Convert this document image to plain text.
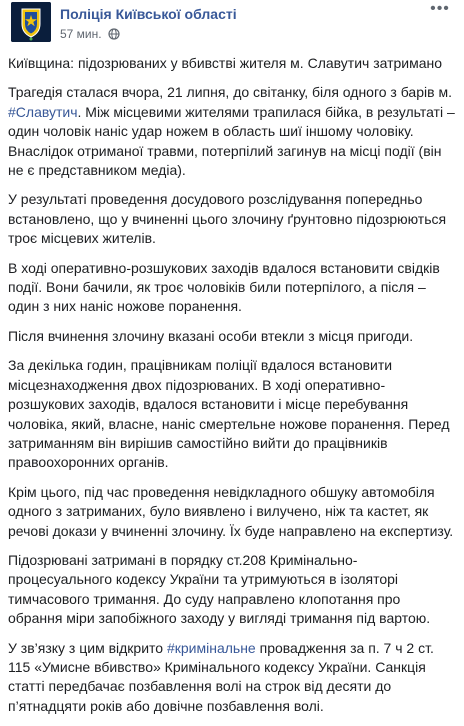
Поліція Київської області
57 мин.
•••

Київщина: підозрюваних у вбивстві жителя м. Славутич затримано

Трагедія сталася вчора, 21 липня, до світанку, біля одного з барів м. #Славутич. Між місцевими жителями трапилася бійка, в результаті – один чоловік наніс удар ножем в область шиї іншому чоловіку. Внаслідок отриманої травми, потерпілий загинув на місці події (він не є представником медіа).

У результаті проведення досудового розслідування попередньо встановлено, що у вчиненні цього злочину ґрунтовно підозрюються троє місцевих жителів.

В ході оперативно-розшукових заходів вдалося встановити свідків події. Вони бачили, як троє чоловіків били потерпілого, а після – один з них наніс ножове поранення.

Після вчинення злочину вказані особи втекли з місця пригоди.

За декілька годин, працівникам поліції вдалося встановити місцезнаходження двох підозрюваних. В ході оперативно-розшукових заходів, вдалося встановити і місце перебування чоловіка, який, власне, наніс смертельне ножове поранення. Перед затриманням він вирішив самостійно вийти до працівників правоохоронних органів.

Крім цього, під час проведення невідкладного обшуку автомобіля одного з затриманих, було виявлено і вилучено, ніж та кастет, як речові докази у вчиненні злочину. Їх буде направлено на експертизу.

Підозрювані затримані в порядку ст.208 Кримінально-процесуального кодексу України та утримуються в ізоляторі тимчасового тримання. До суду направлено клопотання про обрання міри запобіжного заходу у вигляді тримання під вартою.

У зв’язку з цим відкрито #кримінальне провадження за п. 7 ч 2 ст. 115 «Умисне вбивство» Кримінального кодексу України. Санкція статті передбачає позбавлення волі на строк від десяти до п’ятнадцяти років або довічне позбавлення волі.
